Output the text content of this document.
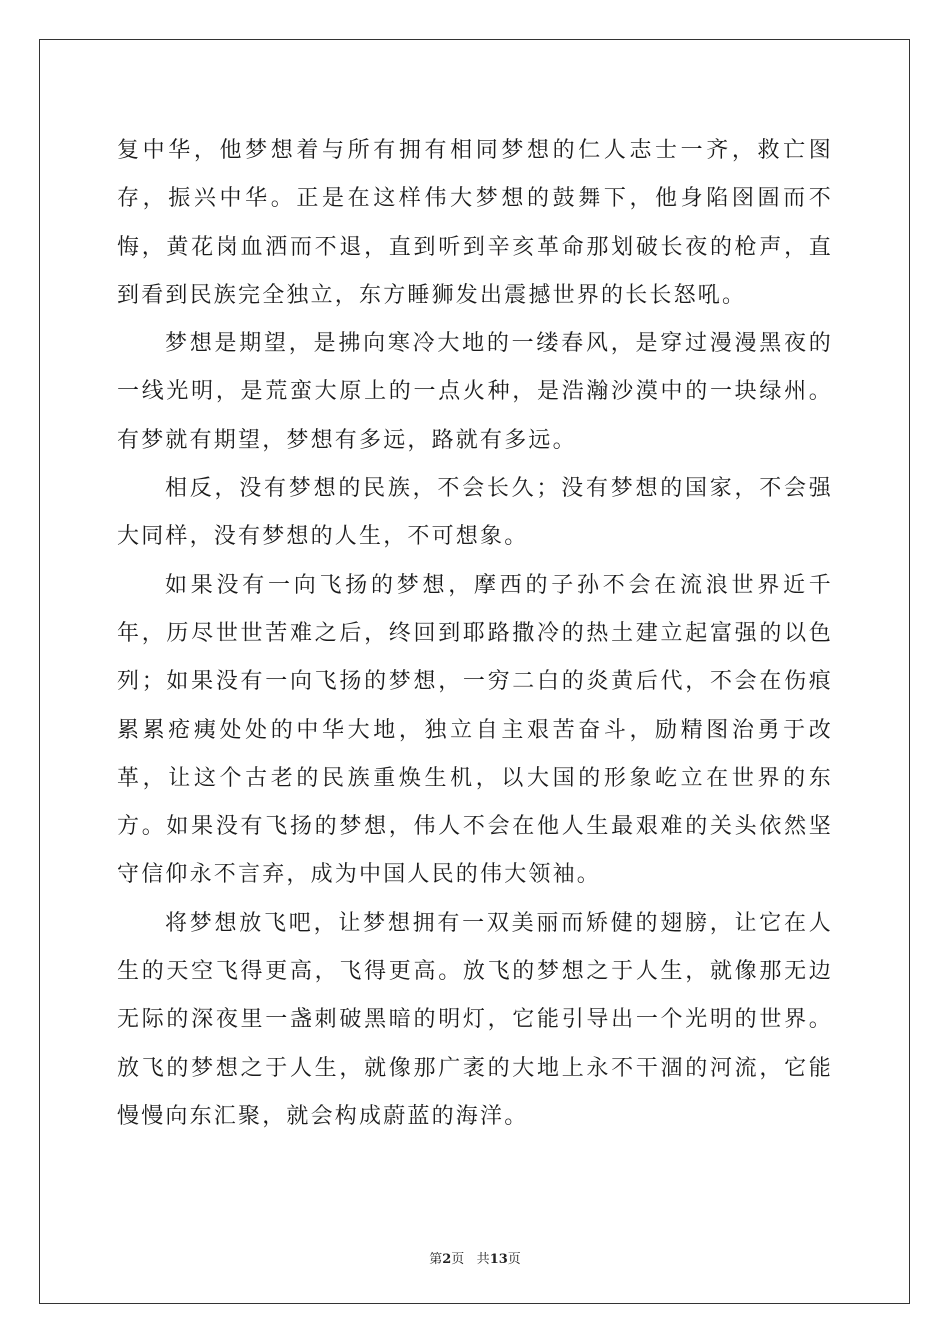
复中华，他梦想着与所有拥有相同梦想的仁人志士一齐，救亡图存，振兴中华。正是在这样伟大梦想的鼓舞下，他身陷囹圄而不悔，黄花岗血洒而不退，直到听到辛亥革命那划破长夜的枪声，直到看到民族完全独立，东方睡狮发出震撼世界的长长怒吼。

梦想是期望，是拂向寒冷大地的一缕春风，是穿过漫漫黑夜的一线光明，是荒蛮大原上的一点火种，是浩瀚沙漠中的一块绿州。有梦就有期望，梦想有多远，路就有多远。

相反，没有梦想的民族，不会长久；没有梦想的国家，不会强大同样，没有梦想的人生，不可想象。

如果没有一向飞扬的梦想，摩西的子孙不会在流浪世界近千年，历尽世世苦难之后，终回到耶路撒冷的热土建立起富强的以色列；如果没有一向飞扬的梦想，一穷二白的炎黄后代，不会在伤痕累累疮痍处处的中华大地，独立自主艰苦奋斗，励精图治勇于改革，让这个古老的民族重焕生机，以大国的形象屹立在世界的东方。如果没有飞扬的梦想，伟人不会在他人生最艰难的关头依然坚守信仰永不言弃，成为中国人民的伟大领袖。

将梦想放飞吧，让梦想拥有一双美丽而矫健的翅膀，让它在人生的天空飞得更高，飞得更高。放飞的梦想之于人生，就像那无边无际的深夜里一盏刺破黑暗的明灯，它能引导出一个光明的世界。放飞的梦想之于人生，就像那广袤的大地上永不干涸的河流，它能慢慢向东汇聚，就会构成蔚蓝的海洋。

第2页 共13页
